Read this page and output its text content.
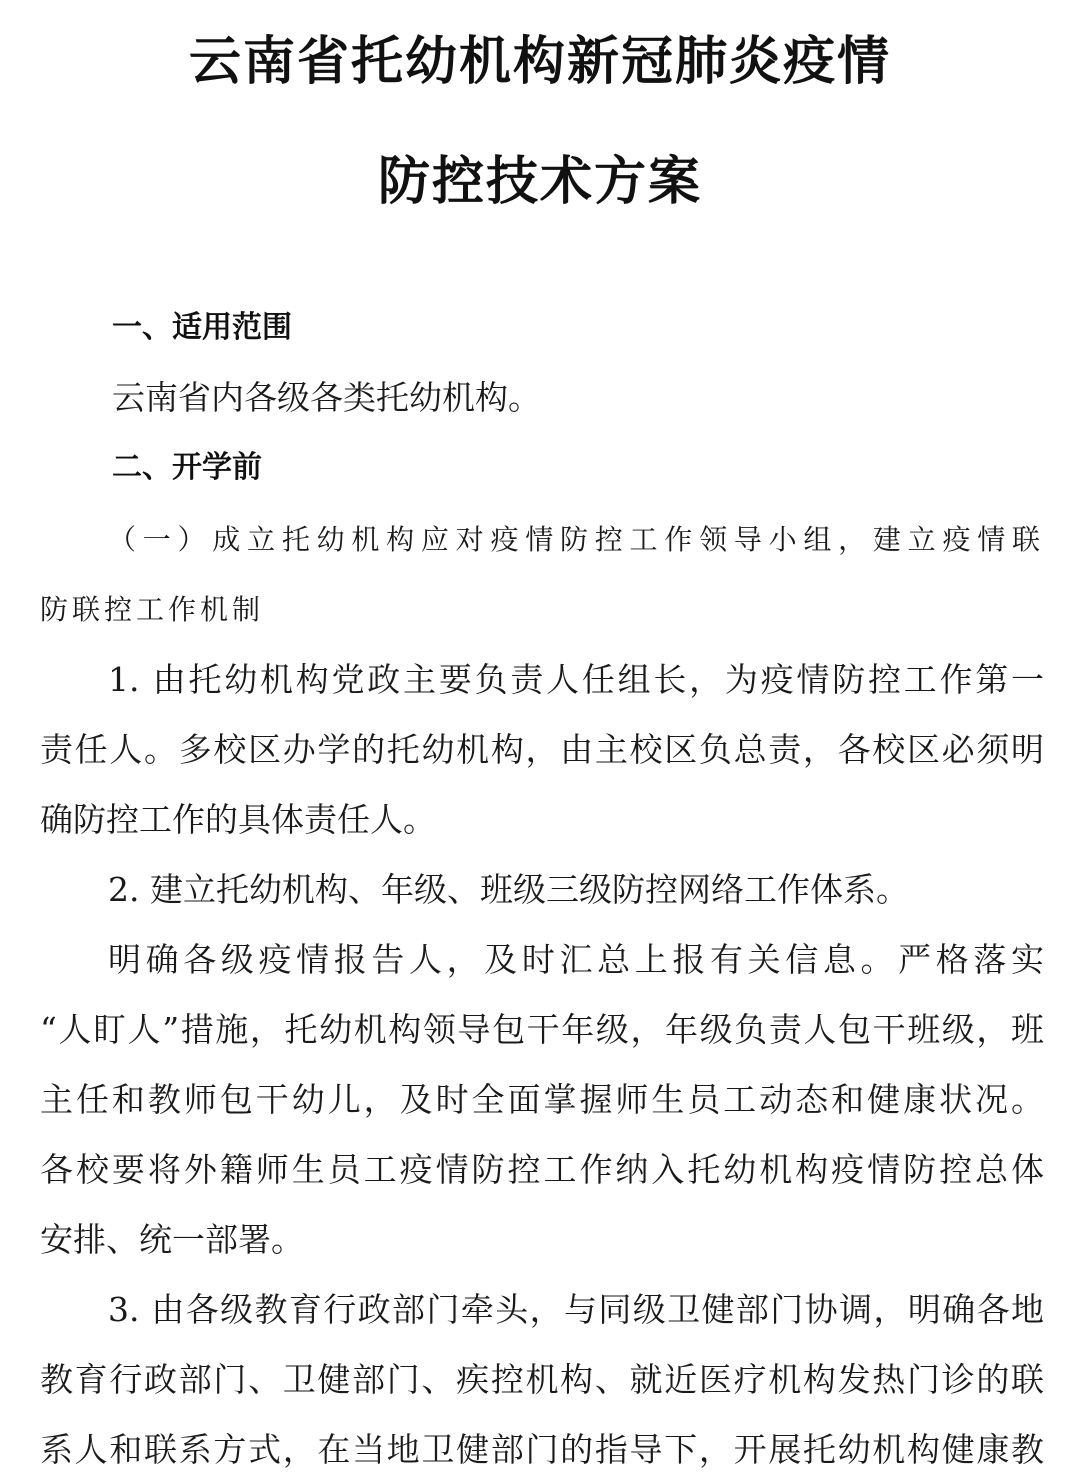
云南省托幼机构新冠肺炎疫情
防控技术方案
一、适用范围
云南省内各级各类托幼机构。
二、开学前
（一）成立托幼机构应对疫情防控工作领导小组，建立疫情联
防联控工作机制
1. 由托幼机构党政主要负责人任组长，为疫情防控工作第一
责任人。多校区办学的托幼机构，由主校区负总责，各校区必须明
确防控工作的具体责任人。
2. 建立托幼机构、年级、班级三级防控网络工作体系。
明确各级疫情报告人，及时汇总上报有关信息。严格落实
“人盯人”措施，托幼机构领导包干年级，年级负责人包干班级，班
主任和教师包干幼儿，及时全面掌握师生员工动态和健康状况。
各校要将外籍师生员工疫情防控工作纳入托幼机构疫情防控总体
安排、统一部署。
3. 由各级教育行政部门牵头，与同级卫健部门协调，明确各地
教育行政部门、卫健部门、疾控机构、就近医疗机构发热门诊的联
系人和联系方式，在当地卫健部门的指导下，开展托幼机构健康教
